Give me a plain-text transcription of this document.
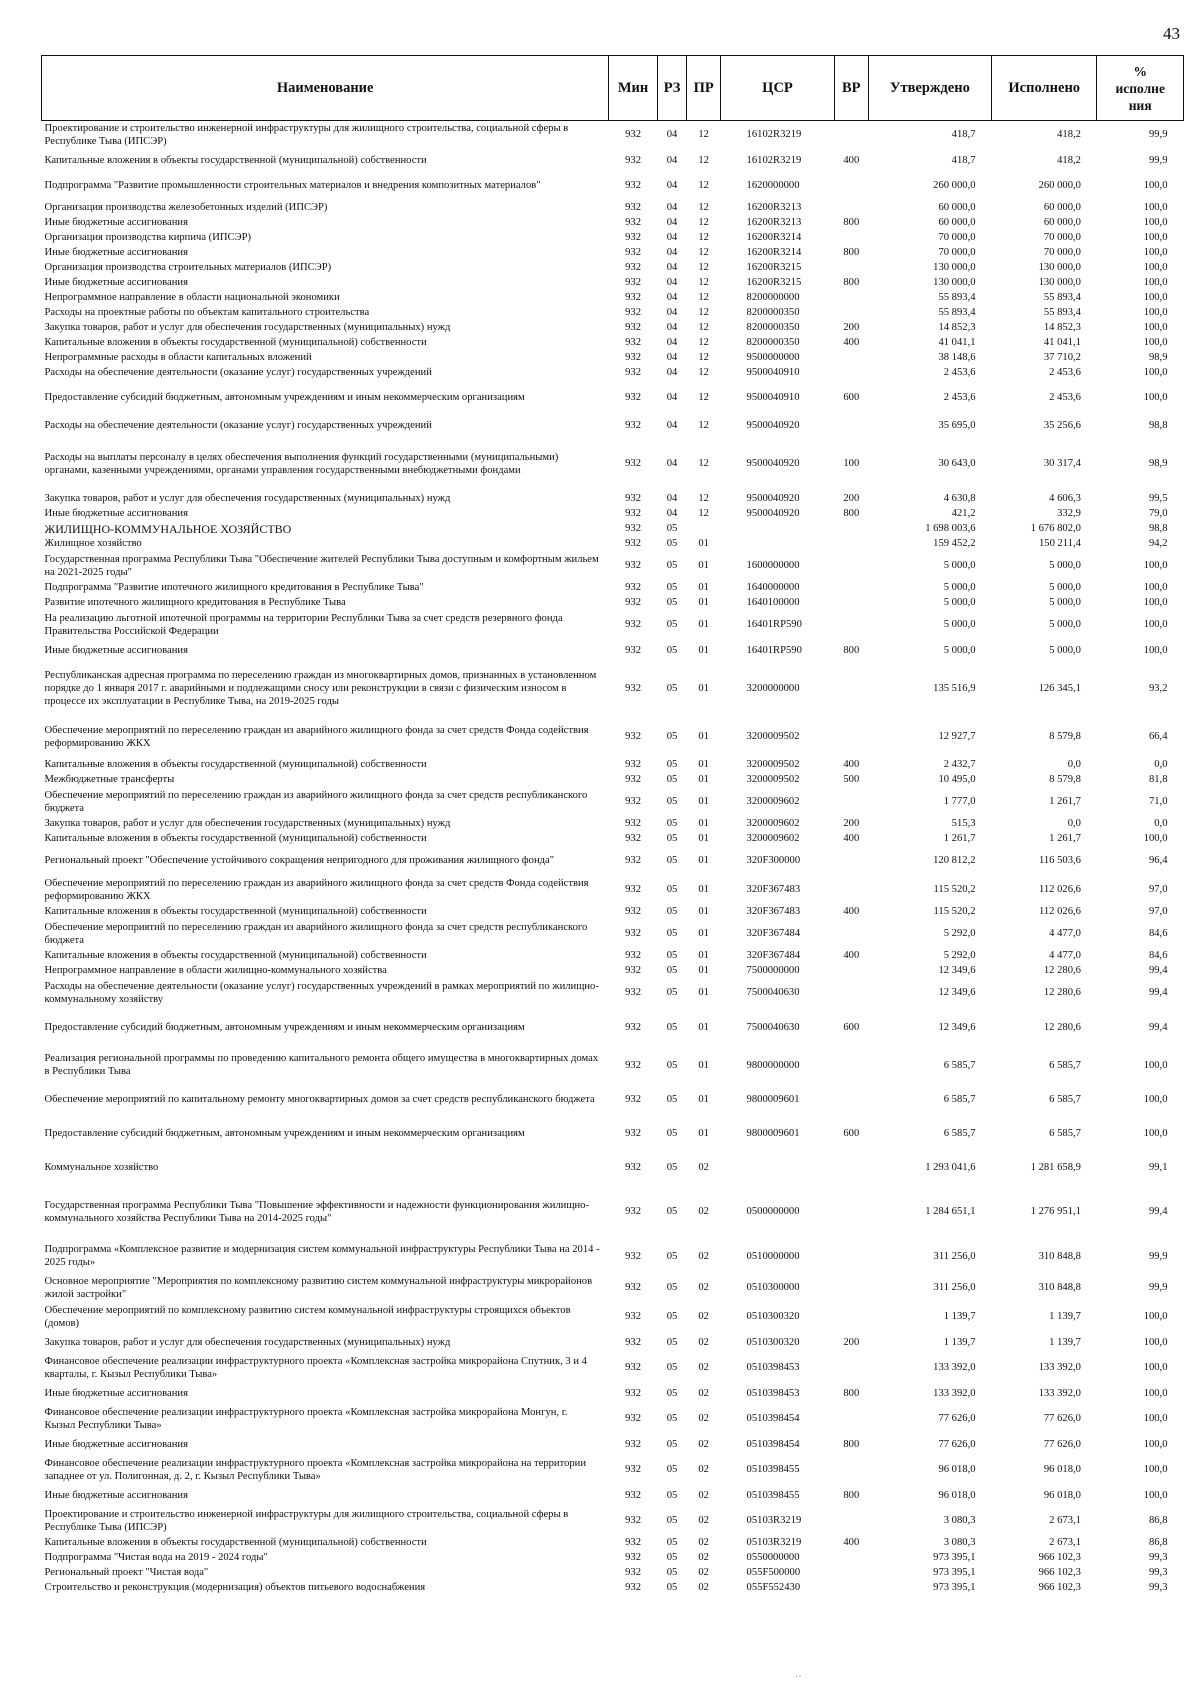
43
Наименование	Мин	РЗ	ПР	ЦСР	ВР	Утверждено	Исполнено	%
исполне
ния

Проектирование и строительство инженерной инфраструктуры для жилищного строительства, социальной сферы в Республике Тыва (ИПСЭР)	932	04	12	16102R3219		418,7	418,2	99,9
Капитальные вложения в объекты государственной (муниципальной) собственности	932	04	12	16102R3219	400	418,7	418,2	99,9
Подпрограмма "Развитие промышленности строительных материалов и внедрения композитных материалов"	932	04	12	1620000000		260 000,0	260 000,0	100,0
Организация производства железобетонных изделий (ИПСЭР)	932	04	12	16200R3213		60 000,0	60 000,0	100,0
Иные бюджетные ассигнования	932	04	12	16200R3213	800	60 000,0	60 000,0	100,0
Организация производства кирпича (ИПСЭР)	932	04	12	16200R3214		70 000,0	70 000,0	100,0
Иные бюджетные ассигнования	932	04	12	16200R3214	800	70 000,0	70 000,0	100,0
Организация производства строительных материалов (ИПСЭР)	932	04	12	16200R3215		130 000,0	130 000,0	100,0
Иные бюджетные ассигнования	932	04	12	16200R3215	800	130 000,0	130 000,0	100,0
Непрограммное направление в области национальной экономики	932	04	12	8200000000		55 893,4	55 893,4	100,0
Расходы на проектные работы по объектам капитального строительства	932	04	12	8200000350		55 893,4	55 893,4	100,0
Закупка товаров, работ и услуг для обеспечения государственных (муниципальных) нужд	932	04	12	8200000350	200	14 852,3	14 852,3	100,0
Капитальные вложения в объекты государственной (муниципальной) собственности	932	04	12	8200000350	400	41 041,1	41 041,1	100,0
Непрограммные расходы в области капитальных вложений	932	04	12	9500000000		38 148,6	37 710,2	98,9
Расходы на обеспечение деятельности (оказание услуг) государственных учреждений	932	04	12	9500040910		2 453,6	2 453,6	100,0
Предоставление субсидий бюджетным, автономным учреждениям и иным некоммерческим организациям	932	04	12	9500040910	600	2 453,6	2 453,6	100,0
Расходы на обеспечение деятельности (оказание услуг) государственных учреждений	932	04	12	9500040920		35 695,0	35 256,6	98,8
Расходы на выплаты персоналу в целях обеспечения выполнения функций государственными (муниципальными) органами, казенными учреждениями, органами управления государственными внебюджетными фондами	932	04	12	9500040920	100	30 643,0	30 317,4	98,9
Закупка товаров, работ и услуг для обеспечения государственных (муниципальных) нужд	932	04	12	9500040920	200	4 630,8	4 606,3	99,5
Иные бюджетные ассигнования	932	04	12	9500040920	800	421,2	332,9	79,0
ЖИЛИЩНО-КОММУНАЛЬНОЕ ХОЗЯЙСТВО	932	05				1 698 003,6	1 676 802,0	98,8
Жилищное хозяйство	932	05	01			159 452,2	150 211,4	94,2
Государственная программа Республики Тыва "Обеспечение жителей Республики Тыва доступным и комфортным жильем на 2021-2025 годы"	932	05	01	1600000000		5 000,0	5 000,0	100,0
Подпрограмма "Развитие ипотечного жилищного кредитования в Республике Тыва"	932	05	01	1640000000		5 000,0	5 000,0	100,0
Развитие ипотечного жилищного кредитования в Республике Тыва	932	05	01	1640100000		5 000,0	5 000,0	100,0
На реализацию льготной ипотечной программы на территории Республики Тыва за счет средств резервного фонда Правительства Российской Федерации	932	05	01	16401RP590		5 000,0	5 000,0	100,0
Иные бюджетные ассигнования	932	05	01	16401RP590	800	5 000,0	5 000,0	100,0
Республиканская адресная программа по переселению граждан из многоквартирных домов, признанных в установленном порядке до 1 января 2017 г. аварийными и подлежащими сносу или реконструкции в связи с физическим износом в процессе их эксплуатации в Республике Тыва, на 2019-2025 годы	932	05	01	3200000000		135 516,9	126 345,1	93,2
Обеспечение мероприятий по переселению граждан из аварийного жилищного фонда за счет средств Фонда содействия реформированию ЖКХ	932	05	01	3200009502		12 927,7	8 579,8	66,4
Капитальные вложения в объекты государственной (муниципальной) собственности	932	05	01	3200009502	400	2 432,7	0,0	0,0
Межбюджетные трансферты	932	05	01	3200009502	500	10 495,0	8 579,8	81,8
Обеспечение мероприятий по переселению граждан из аварийного жилищного фонда за счет средств республиканского бюджета	932	05	01	3200009602		1 777,0	1 261,7	71,0
Закупка товаров, работ и услуг для обеспечения государственных (муниципальных) нужд	932	05	01	3200009602	200	515,3	0,0	0,0
Капитальные вложения в объекты государственной (муниципальной) собственности	932	05	01	3200009602	400	1 261,7	1 261,7	100,0
Региональный проект "Обеспечение устойчивого сокращения непригодного для проживания жилищного фонда"	932	05	01	320F300000		120 812,2	116 503,6	96,4
Обеспечение мероприятий по переселению граждан из аварийного жилищного фонда за счет средств Фонда содействия реформированию ЖКХ	932	05	01	320F367483		115 520,2	112 026,6	97,0
Капитальные вложения в объекты государственной (муниципальной) собственности	932	05	01	320F367483	400	115 520,2	112 026,6	97,0
Обеспечение мероприятий по переселению граждан из аварийного жилищного фонда за счет средств республиканского бюджета	932	05	01	320F367484		5 292,0	4 477,0	84,6
Капитальные вложения в объекты государственной (муниципальной) собственности	932	05	01	320F367484	400	5 292,0	4 477,0	84,6
Непрограммное направление в области жилищно-коммунального хозяйства	932	05	01	7500000000		12 349,6	12 280,6	99,4
Расходы на обеспечение деятельности (оказание услуг) государственных учреждений в рамках мероприятий по жилищно-коммунальному хозяйству	932	05	01	7500040630		12 349,6	12 280,6	99,4
Предоставление субсидий бюджетным, автономным учреждениям и иным некоммерческим организациям	932	05	01	7500040630	600	12 349,6	12 280,6	99,4
Реализация региональной программы по проведению капитального ремонта общего имущества в многоквартирных домах в Республики Тыва	932	05	01	9800000000		6 585,7	6 585,7	100,0
Обеспечение мероприятий по капитальному ремонту многоквартирных домов за счет средств республиканского бюджета	932	05	01	9800009601		6 585,7	6 585,7	100,0
Предоставление субсидий бюджетным, автономным учреждениям и иным некоммерческим организациям	932	05	01	9800009601	600	6 585,7	6 585,7	100,0
Коммунальное хозяйство	932	05	02			1 293 041,6	1 281 658,9	99,1
Государственная программа Республики Тыва "Повышение эффективности и надежности функционирования жилищно-коммунального хозяйства Республики Тыва на 2014-2025 годы"	932	05	02	0500000000		1 284 651,1	1 276 951,1	99,4
Подпрограмма «Комплексное развитие и модернизация систем коммунальной инфраструктуры Республики Тыва на 2014 - 2025 годы»	932	05	02	0510000000		311 256,0	310 848,8	99,9
Основное мероприятие "Мероприятия по комплексному развитию систем коммунальной инфраструктуры микрорайонов жилой застройки"	932	05	02	0510300000		311 256,0	310 848,8	99,9
Обеспечение мероприятий по комплексному развитию систем коммунальной инфраструктуры строящихся объектов (домов)	932	05	02	0510300320		1 139,7	1 139,7	100,0
Закупка товаров, работ и услуг для обеспечения государственных (муниципальных) нужд	932	05	02	0510300320	200	1 139,7	1 139,7	100,0
Финансовое обеспечение реализации инфраструктурного проекта «Комплексная застройка микрорайона Спутник, 3 и 4 кварталы, г. Кызыл Республики Тыва»	932	05	02	0510398453		133 392,0	133 392,0	100,0
Иные бюджетные ассигнования	932	05	02	0510398453	800	133 392,0	133 392,0	100,0
Финансовое обеспечение реализации инфраструктурного проекта «Комплексная застройка микрорайона Монгун, г. Кызыл Республики Тыва»	932	05	02	0510398454		77 626,0	77 626,0	100,0
Иные бюджетные ассигнования	932	05	02	0510398454	800	77 626,0	77 626,0	100,0
Финансовое обеспечение реализации инфраструктурного проекта «Комплексная застройка микрорайона на территории западнее от ул. Полигонная, д. 2, г. Кызыл Республики Тыва»	932	05	02	0510398455		96 018,0	96 018,0	100,0
Иные бюджетные ассигнования	932	05	02	0510398455	800	96 018,0	96 018,0	100,0
Проектирование и строительство инженерной инфраструктуры для жилищного строительства, социальной сферы в Республике Тыва (ИПСЭР)	932	05	02	05103R3219		3 080,3	2 673,1	86,8
Капитальные вложения в объекты государственной (муниципальной) собственности	932	05	02	05103R3219	400	3 080,3	2 673,1	86,8
Подпрограмма "Чистая вода на 2019 - 2024 годы"	932	05	02	0550000000		973 395,1	966 102,3	99,3
Региональный проект "Чистая вода"	932	05	02	055F500000		973 395,1	966 102,3	99,3
Строительство и реконструкция (модернизация) объектов питьевого водоснабжения	932	05	02	055F552430		973 395,1	966 102,3	99,3
··
